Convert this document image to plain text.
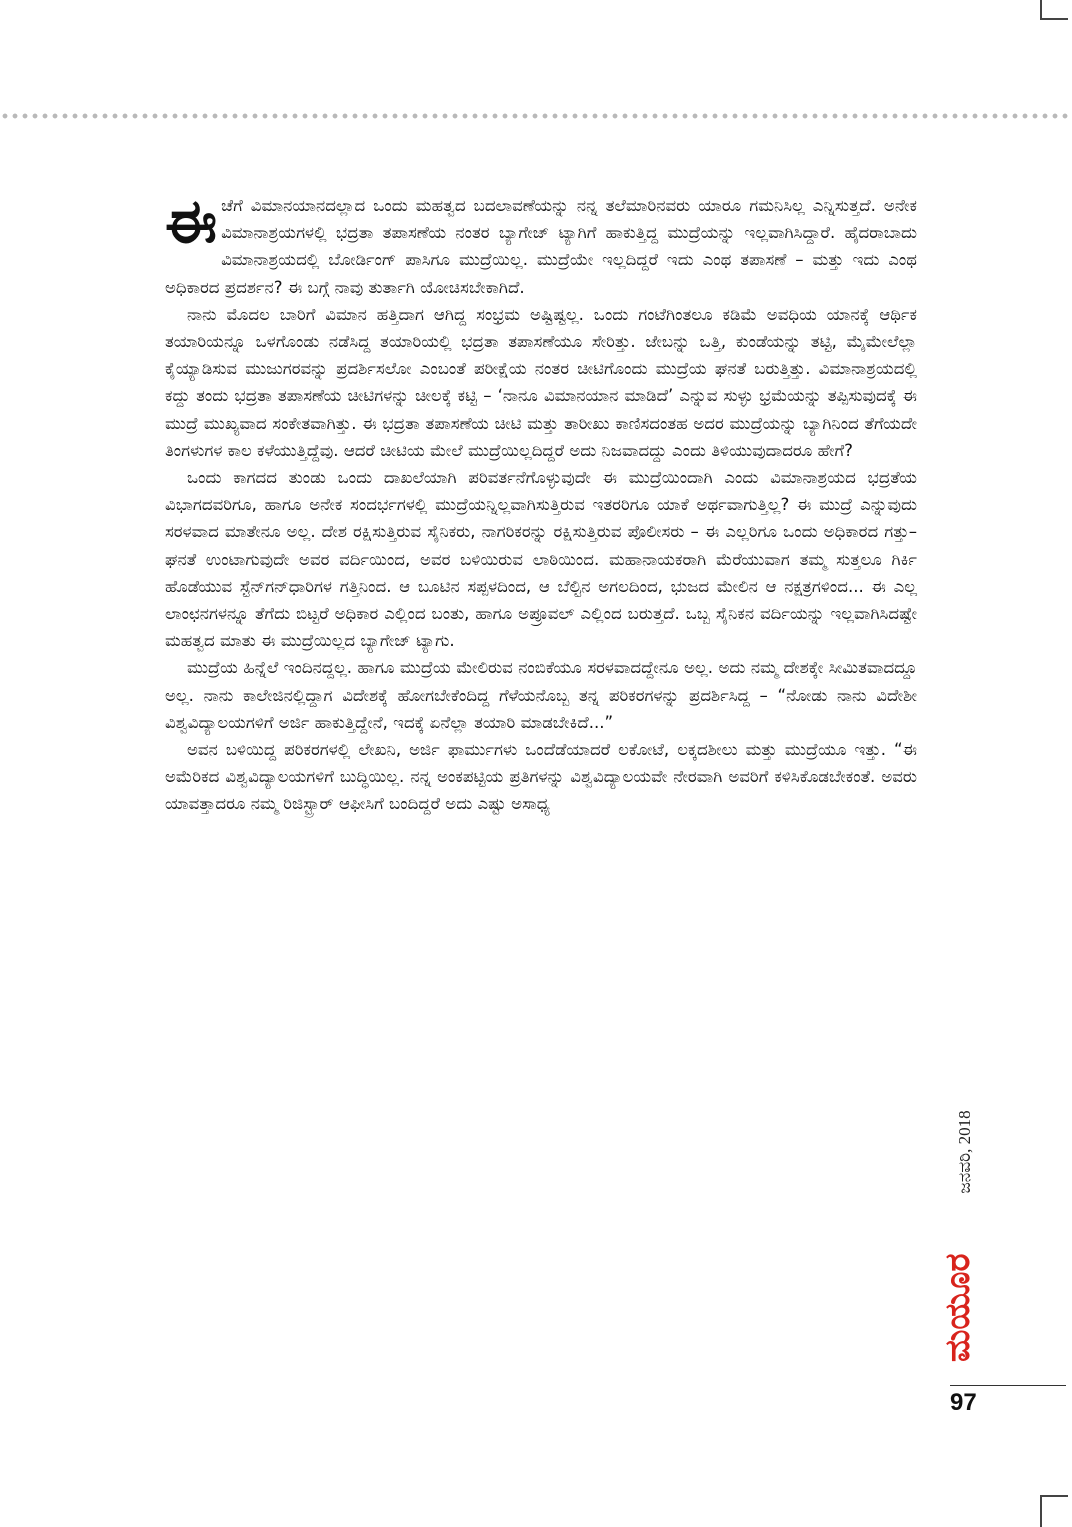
ಈಚೆಗೆ ವಿಮಾನಯಾನದಲ್ಲಾದ ಒಂದು ಮಹತ್ವದ ಬದಲಾವಣೆಯನ್ನು ನನ್ನ ತಲೆಮಾರಿನವರು ಯಾರೂ ಗಮನಿಸಿಲ್ಲ ಎನ್ನಿಸುತ್ತದೆ. ಅನೇಕ ವಿಮಾನಾಶ್ರಯಗಳಲ್ಲಿ ಭದ್ರತಾ ತಪಾಸಣೆಯ ನಂತರ ಬ್ಯಾಗೇಜ್ ಟ್ಯಾಗಿಗೆ ಹಾಕುತ್ತಿದ್ದ ಮುದ್ರೆಯನ್ನು ಇಲ್ಲವಾಗಿಸಿದ್ದಾರೆ. ಹೈದರಾಬಾದು ವಿಮಾನಾಶ್ರಯದಲ್ಲಿ ಬೋರ್ಡಿಂಗ್ ಪಾಸಿಗೂ ಮುದ್ರೆಯಿಲ್ಲ. ಮುದ್ರೆಯೇ ಇಲ್ಲದಿದ್ದರೆ ಇದು ಎಂಥ ತಪಾಸಣೆ – ಮತ್ತು ಇದು ಎಂಥ ಅಧಿಕಾರದ ಪ್ರದರ್ಶನ? ಈ ಬಗ್ಗೆ ನಾವು ತುರ್ತಾಗಿ ಯೋಚಿಸಬೇಕಾಗಿದೆ.

ನಾನು ಮೊದಲ ಬಾರಿಗೆ ವಿಮಾನ ಹತ್ತಿದಾಗ ಆಗಿದ್ದ ಸಂಭ್ರಮ ಅಷ್ಟಿಷ್ಟಲ್ಲ. ಒಂದು ಗಂಟೆಗಿಂತಲೂ ಕಡಿಮೆ ಅವಧಿಯ ಯಾನಕ್ಕೆ ಆರ್ಥಿಕ ತಯಾರಿಯನ್ನೂ ಒಳಗೊಂಡು ನಡೆಸಿದ್ದ ತಯಾರಿಯಲ್ಲಿ ಭದ್ರತಾ ತಪಾಸಣೆಯೂ ಸೇರಿತ್ತು. ಜೇಬನ್ನು ಒತ್ತಿ, ಕುಂಡೆಯನ್ನು ತಟ್ಟಿ, ಮೈಮೇಲೆಲ್ಲಾ ಕೈಯ್ಯಾಡಿಸುವ ಮುಜುಗರವನ್ನು ಪ್ರದರ್ಶಿಸಲೋ ಎಂಬಂತೆ ಪರೀಕ್ಷೆಯ ನಂತರ ಚೀಟಿಗೊಂದು ಮುದ್ರೆಯ ಘನತೆ ಬರುತ್ತಿತ್ತು. ವಿಮಾನಾಶ್ರಯದಲ್ಲಿ ಕದ್ದು ತಂದು ಭದ್ರತಾ ತಪಾಸಣೆಯ ಚೀಟಿಗಳನ್ನು ಚೀಲಕ್ಕೆ ಕಟ್ಟಿ – ‘ನಾನೂ ವಿಮಾನಯಾನ ಮಾಡಿದೆ’ ಎನ್ನುವ ಸುಳ್ಳು ಭ್ರಮೆಯನ್ನು ತಪ್ಪಿಸುವುದಕ್ಕೆ ಈ ಮುದ್ರೆ ಮುಖ್ಯವಾದ ಸಂಕೇತವಾಗಿತ್ತು. ಈ ಭದ್ರತಾ ತಪಾಸಣೆಯ ಚೀಟಿ ಮತ್ತು ತಾರೀಖು ಕಾಣಿಸದಂತಹ ಅದರ ಮುದ್ರೆಯನ್ನು ಬ್ಯಾಗಿನಿಂದ ತೆಗೆಯದೇ ತಿಂಗಳುಗಳ ಕಾಲ ಕಳೆಯುತ್ತಿದ್ದೆವು. ಆದರೆ ಚೀಟಿಯ ಮೇಲೆ ಮುದ್ರೆಯಿಲ್ಲದಿದ್ದರೆ ಅದು ನಿಜವಾದದ್ದು ಎಂದು ತಿಳಿಯುವುದಾದರೂ ಹೇಗೆ?

ಒಂದು ಕಾಗದದ ತುಂಡು ಒಂದು ದಾಖಲೆಯಾಗಿ ಪರಿವರ್ತನೆಗೊಳ್ಳುವುದೇ ಈ ಮುದ್ರೆಯಿಂದಾಗಿ ಎಂದು ವಿಮಾನಾಶ್ರಯದ ಭದ್ರತೆಯ ವಿಭಾಗದವರಿಗೂ, ಹಾಗೂ ಅನೇಕ ಸಂದರ್ಭಗಳಲ್ಲಿ ಮುದ್ರೆಯನ್ನಿಲ್ಲವಾಗಿಸುತ್ತಿರುವ ಇತರರಿಗೂ ಯಾಕೆ ಅರ್ಥವಾಗುತ್ತಿಲ್ಲ? ಈ ಮುದ್ರೆ ಎನ್ನುವುದು ಸರಳವಾದ ಮಾತೇನೂ ಅಲ್ಲ. ದೇಶ ರಕ್ಷಿಸುತ್ತಿರುವ ಸೈನಿಕರು, ನಾಗರಿಕರನ್ನು ರಕ್ಷಿಸುತ್ತಿರುವ ಪೊಲೀಸರು – ಈ ಎಲ್ಲರಿಗೂ ಒಂದು ಅಧಿಕಾರದ ಗತ್ತು–ಘನತೆ ಉಂಟಾಗುವುದೇ ಅವರ ವರ್ದಿಯಿಂದ, ಅವರ ಬಳಿಯಿರುವ ಲಾಠಿಯಿಂದ. ಮಹಾನಾಯಕರಾಗಿ ಮೆರೆಯುವಾಗ ತಮ್ಮ ಸುತ್ತಲೂ ಗಿರ್ಕಿ ಹೊಡೆಯುವ ಸ್ಟೆನ್‌ಗನ್‌ಧಾರಿಗಳ ಗತ್ತಿನಿಂದ. ಆ ಬೂಟಿನ ಸಪ್ಪಳದಿಂದ, ಆ ಬೆಲ್ಟಿನ ಅಗಲದಿಂದ, ಭುಜದ ಮೇಲಿನ ಆ ನಕ್ಷತ್ರಗಳಿಂದ... ಈ ಎಲ್ಲ ಲಾಂಛನಗಳನ್ನೂ ತೆಗೆದು ಬಿಟ್ಟರೆ ಅಧಿಕಾರ ಎಲ್ಲಿಂದ ಬಂತು, ಹಾಗೂ ಅಪ್ರೂವಲ್ ಎಲ್ಲಿಂದ ಬರುತ್ತದೆ. ಒಬ್ಬ ಸೈನಿಕನ ವರ್ದಿಯನ್ನು ಇಲ್ಲವಾಗಿಸಿದಷ್ಟೇ ಮಹತ್ವದ ಮಾತು ಈ ಮುದ್ರೆಯಿಲ್ಲದ ಬ್ಯಾಗೇಜ್ ಟ್ಯಾಗು.

ಮುದ್ರೆಯ ಹಿನ್ನೆಲೆ ಇಂದಿನದ್ದಲ್ಲ. ಹಾಗೂ ಮುದ್ರೆಯ ಮೇಲಿರುವ ನಂಬಿಕೆಯೂ ಸರಳವಾದದ್ದೇನೂ ಅಲ್ಲ. ಅದು ನಮ್ಮ ದೇಶಕ್ಕೇ ಸೀಮಿತವಾದದ್ದೂ ಅಲ್ಲ. ನಾನು ಕಾಲೇಜಿನಲ್ಲಿದ್ದಾಗ ವಿದೇಶಕ್ಕೆ ಹೋಗಬೇಕೆಂದಿದ್ದ ಗೆಳೆಯನೊಬ್ಬ ತನ್ನ ಪರಿಕರಗಳನ್ನು ಪ್ರದರ್ಶಿಸಿದ್ದ – “ನೋಡು ನಾನು ವಿದೇಶೀ ವಿಶ್ವವಿದ್ಯಾಲಯಗಳಿಗೆ ಅರ್ಜಿ ಹಾಕುತ್ತಿದ್ದೇನೆ, ಇದಕ್ಕೆ ಏನೆಲ್ಲಾ ತಯಾರಿ ಮಾಡಬೇಕಿದೆ...”

ಅವನ ಬಳಿಯಿದ್ದ ಪರಿಕರಗಳಲ್ಲಿ ಲೇಖನಿ, ಅರ್ಜಿ ಫಾರ್ಮುಗಳು ಒಂದೆಡೆಯಾದರೆ ಲಕೋಟೆ, ಲಕ್ಕದಶೀಲು ಮತ್ತು ಮುದ್ರೆಯೂ ಇತ್ತು. “ಈ ಅಮೆರಿಕದ ವಿಶ್ವವಿದ್ಯಾಲಯಗಳಿಗೆ ಬುದ್ಧಿಯಿಲ್ಲ. ನನ್ನ ಅಂಕಪಟ್ಟಿಯ ಪ್ರತಿಗಳನ್ನು ವಿಶ್ವವಿದ್ಯಾಲಯವೇ ನೇರವಾಗಿ ಅವರಿಗೆ ಕಳಿಸಿಕೊಡಬೇಕಂತೆ. ಅವರು ಯಾವತ್ತಾದರೂ ನಮ್ಮ ರಿಜಿಸ್ಟ್ರಾರ್ ಆಫೀಸಿಗೆ ಬಂದಿದ್ದರೆ ಅದು ಎಷ್ಟು ಅಸಾಧ್ಯ

ಜನವರಿ, 2018
ಮಯೂರ
97
